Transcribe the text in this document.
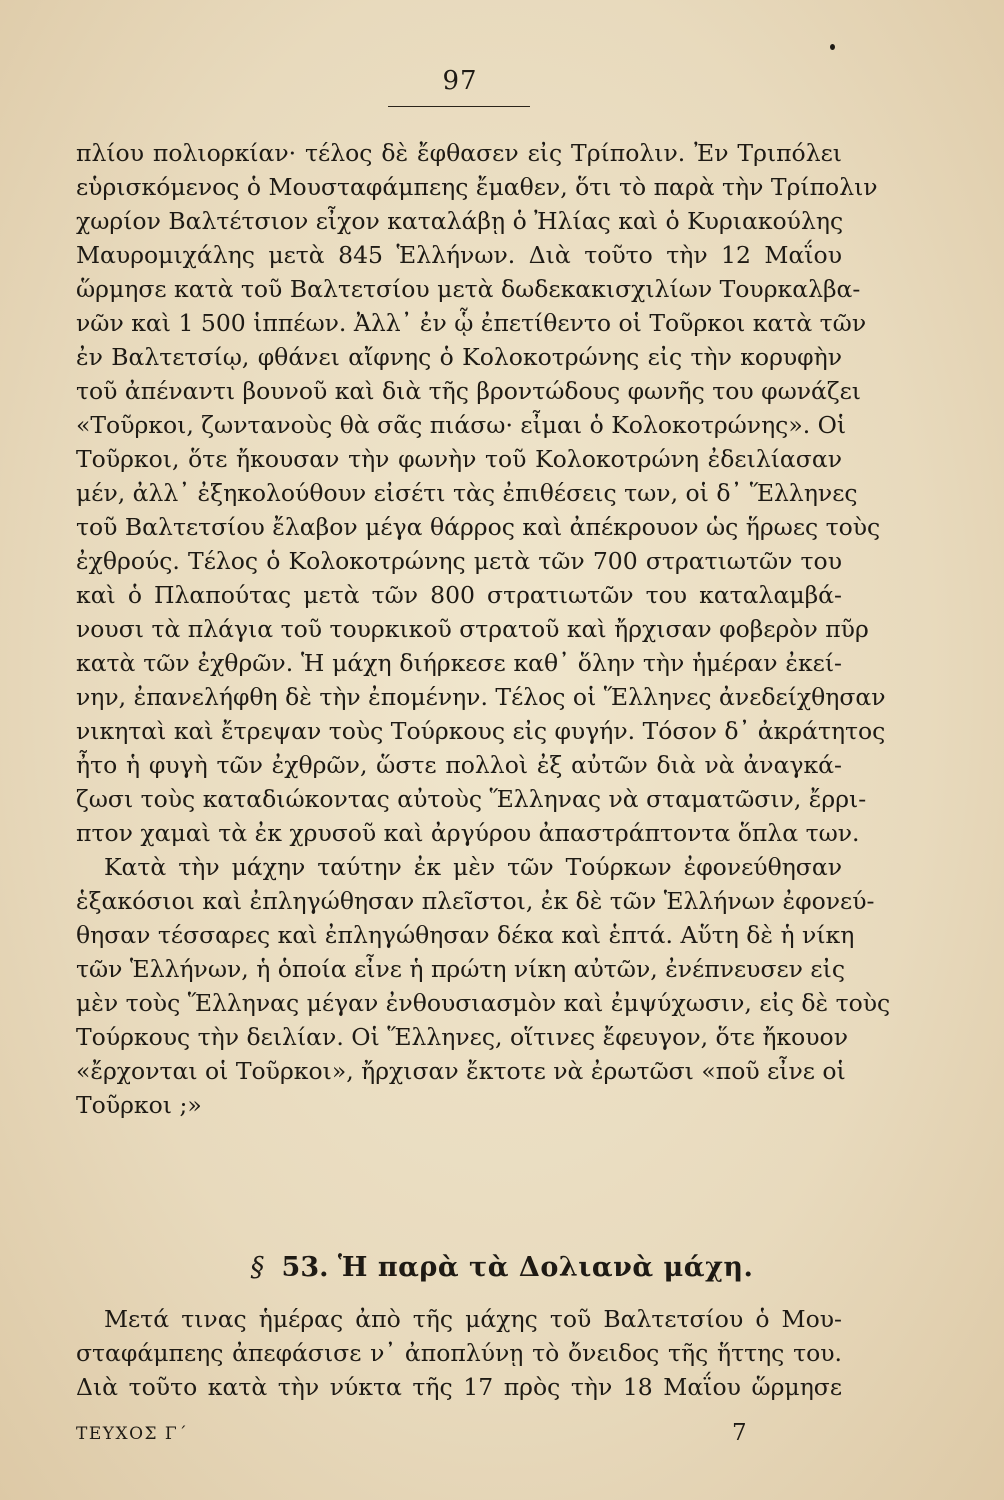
97
πλίου πολιορκίαν· τέλος δὲ ἔφθασεν εἰς Τρίπολιν. Ἐν Τριπόλει
εὑρισκόμενος ὁ Μουσταφάμπεης ἔμαθεν, ὅτι τὸ παρὰ τὴν Τρίπολιν
χωρίον Βαλτέτσιον εἶχον καταλάβῃ ὁ Ἠλίας καὶ ὁ Κυριακούλης
Μαυρομιχάλης μετὰ 845 Ἑλλήνων. Διὰ τοῦτο τὴν 12 Μαΐου
ὥρμησε κατὰ τοῦ Βαλτετσίου μετὰ δωδεκακισχιλίων Τουρκαλβα-
νῶν καὶ 1 500 ἱππέων. Ἀλλ᾽ ἐν ᾧ ἐπετίθεντο οἱ Τοῦρκοι κατὰ τῶν
ἐν Βαλτετσίῳ, φθάνει αἴφνης ὁ Κολοκοτρώνης εἰς τὴν κορυφὴν
τοῦ ἀπέναντι βουνοῦ καὶ διὰ τῆς βροντώδους φωνῆς του φωνάζει
«Τοῦρκοι, ζωντανοὺς θὰ σᾶς πιάσω· εἶμαι ὁ Κολοκοτρώνης». Οἱ
Τοῦρκοι, ὅτε ἤκουσαν τὴν φωνὴν τοῦ Κολοκοτρώνη ἐδειλίασαν
μέν, ἀλλ᾽ ἐξηκολούθουν εἰσέτι τὰς ἐπιθέσεις των, οἱ δ᾽ Ἕλληνες
τοῦ Βαλτετσίου ἔλαβον μέγα θάρρος καὶ ἀπέκρουον ὡς ἥρωες τοὺς
ἐχθρούς. Τέλος ὁ Κολοκοτρώνης μετὰ τῶν 700 στρατιωτῶν του
καὶ ὁ Πλαπούτας μετὰ τῶν 800 στρατιωτῶν του καταλαμβά-
νουσι τὰ πλάγια τοῦ τουρκικοῦ στρατοῦ καὶ ἤρχισαν φοβερὸν πῦρ
κατὰ τῶν ἐχθρῶν. Ἡ μάχη διήρκεσε καθ᾽ ὅλην τὴν ἡμέραν ἐκεί-
νην, ἐπανελήφθη δὲ τὴν ἐπομένην. Τέλος οἱ Ἕλληνες ἀνεδείχθησαν
νικηταὶ καὶ ἔτρεψαν τοὺς Τούρκους εἰς φυγήν. Τόσον δ᾽ ἀκράτητος
ἦτο ἡ φυγὴ τῶν ἐχθρῶν, ὥστε πολλοὶ ἐξ αὐτῶν διὰ νὰ ἀναγκά-
ζωσι τοὺς καταδιώκοντας αὐτοὺς Ἕλληνας νὰ σταματῶσιν, ἔρρι-
πτον χαμαὶ τὰ ἐκ χρυσοῦ καὶ ἀργύρου ἀπαστράπτοντα ὅπλα των.
Κατὰ τὴν μάχην ταύτην ἐκ μὲν τῶν Τούρκων ἐφονεύθησαν
ἑξακόσιοι καὶ ἐπληγώθησαν πλεῖστοι, ἐκ δὲ τῶν Ἑλλήνων ἐφονεύ-
θησαν τέσσαρες καὶ ἐπληγώθησαν δέκα καὶ ἑπτά. Αὕτη δὲ ἡ νίκη
τῶν Ἑλλήνων, ἡ ὁποία εἶνε ἡ πρώτη νίκη αὐτῶν, ἐνέπνευσεν εἰς
μὲν τοὺς Ἕλληνας μέγαν ἐνθουσιασμὸν καὶ ἐμψύχωσιν, εἰς δὲ τοὺς
Τούρκους τὴν δειλίαν. Οἱ Ἕλληνες, οἵτινες ἔφευγον, ὅτε ἤκουον
«ἔρχονται οἱ Τοῦρκοι», ἤρχισαν ἔκτοτε νὰ ἐρωτῶσι «ποῦ εἶνε οἱ
Τοῦρκοι ;»
§ 53. Ἡ παρὰ τὰ Δολιανὰ μάχη.
Μετά τινας ἡμέρας ἀπὸ τῆς μάχης τοῦ Βαλτετσίου ὁ Μου-
σταφάμπεης ἀπεφάσισε ν᾽ ἀποπλύνῃ τὸ ὄνειδος τῆς ἥττης του.
Διὰ τοῦτο κατὰ τὴν νύκτα τῆς 17 πρὸς τὴν 18 Μαΐου ὥρμησε
ΤΕΥΧΟΣ Γ΄	7
